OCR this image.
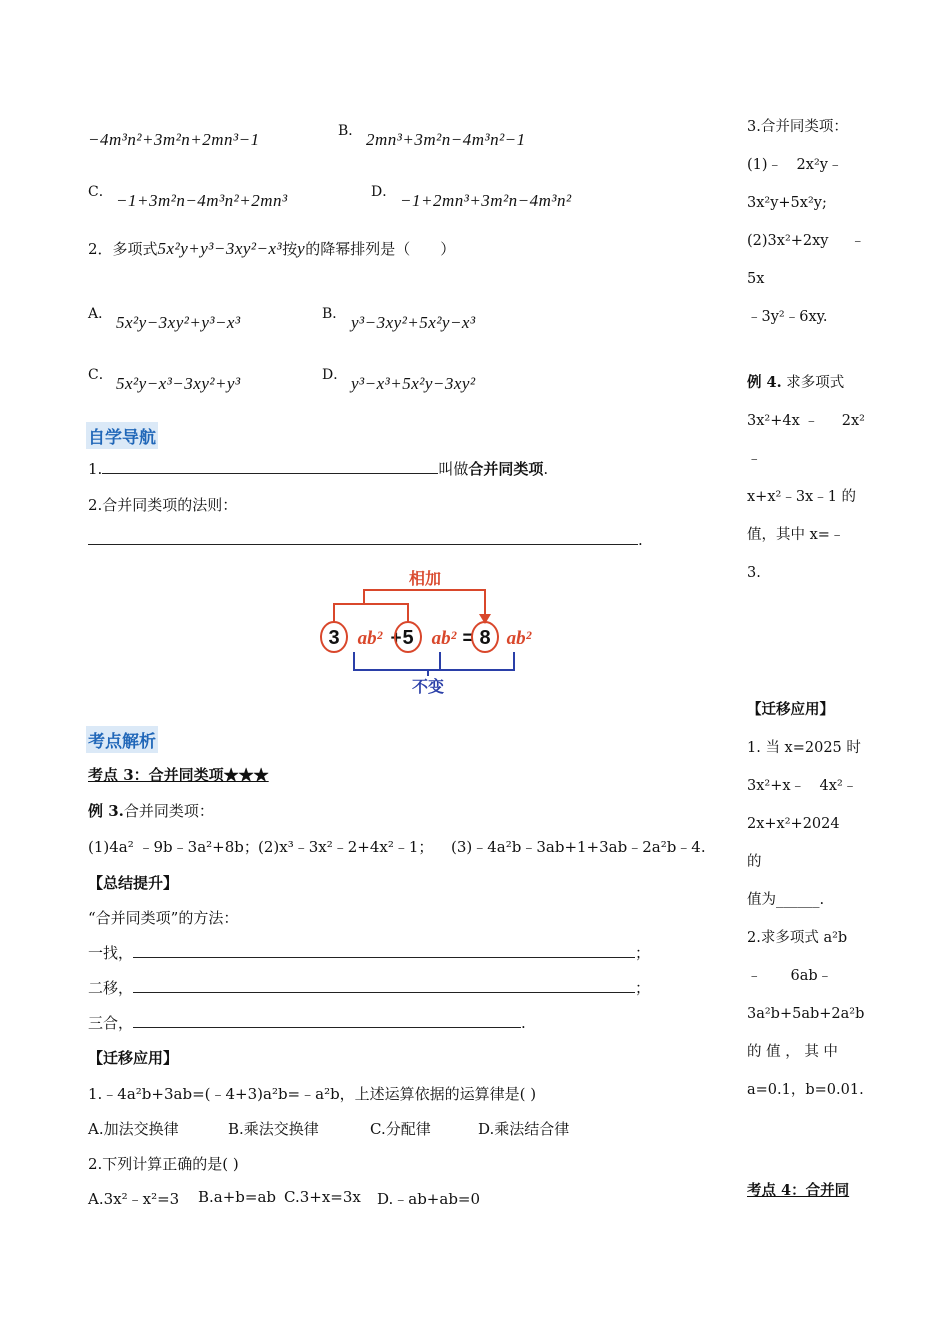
−4m³n²+3m²n+2mn³−1	B． 2mn³+3m²n−4m³n²−1
C． −1+3m²n−4m³n²+2mn³	D． −1+2mn³+3m²n−4m³n²
2．多项式5x²y+y³−3xy²−x³按y的降幂排列是（　　）
A． 5x²y−3xy²+y³−x³	B． y³−3xy²+5x²y−x³
C． 5x²y−x³−3xy²+y³	D． y³−x³+5x²y−3xy²
自学导航
1.	叫做合并同类项.
2.合并同类项的法则：
.
相加
3 ab² + 5 ab² = 8 ab²
不变
考点解析
考点 3：合并同类项★★★
例 3.合并同类项：
(1)4a² ﹣9b﹣3a²+8b； (2)x³﹣3x²﹣2+4x²﹣1； (3)﹣4a²b﹣3ab+1+3ab﹣2a²b﹣4.
【总结提升】
“合并同类项”的方法：
一找，	；
二移，	；
三合，	.
【迁移应用】
1.﹣4a²b+3ab=(﹣4+3)a²b=﹣a²b，上述运算依据的运算律是( )
A.加法交换律	B.乘法交换律	C.分配律	D.乘法结合律
2.下列计算正确的是( )
A.3x²﹣x²=3 B.a+b=ab C.3+x=3x D.﹣ab+ab=0

3.合并同类项：

(1)﹣　2x²y﹣

3x²y+5x²y;

(2)3x²+2xy﹣　5x

﹣3y²﹣6xy.

例 4. 求多项式

3x²+4x﹣　2x²﹣

x+x²﹣3x﹣1 的

值，其中 x=﹣

3.

【迁移应用】

1. 当 x=2025 时

3x²+x﹣　4x²﹣

2x+x²+2024　的

值为______.

2.求多项式 a²b

﹣　　6ab﹣

3a²b+5ab+2a²b

的 值 ， 其 中

a=0.1，b=0.01.

考点 4：合并同
